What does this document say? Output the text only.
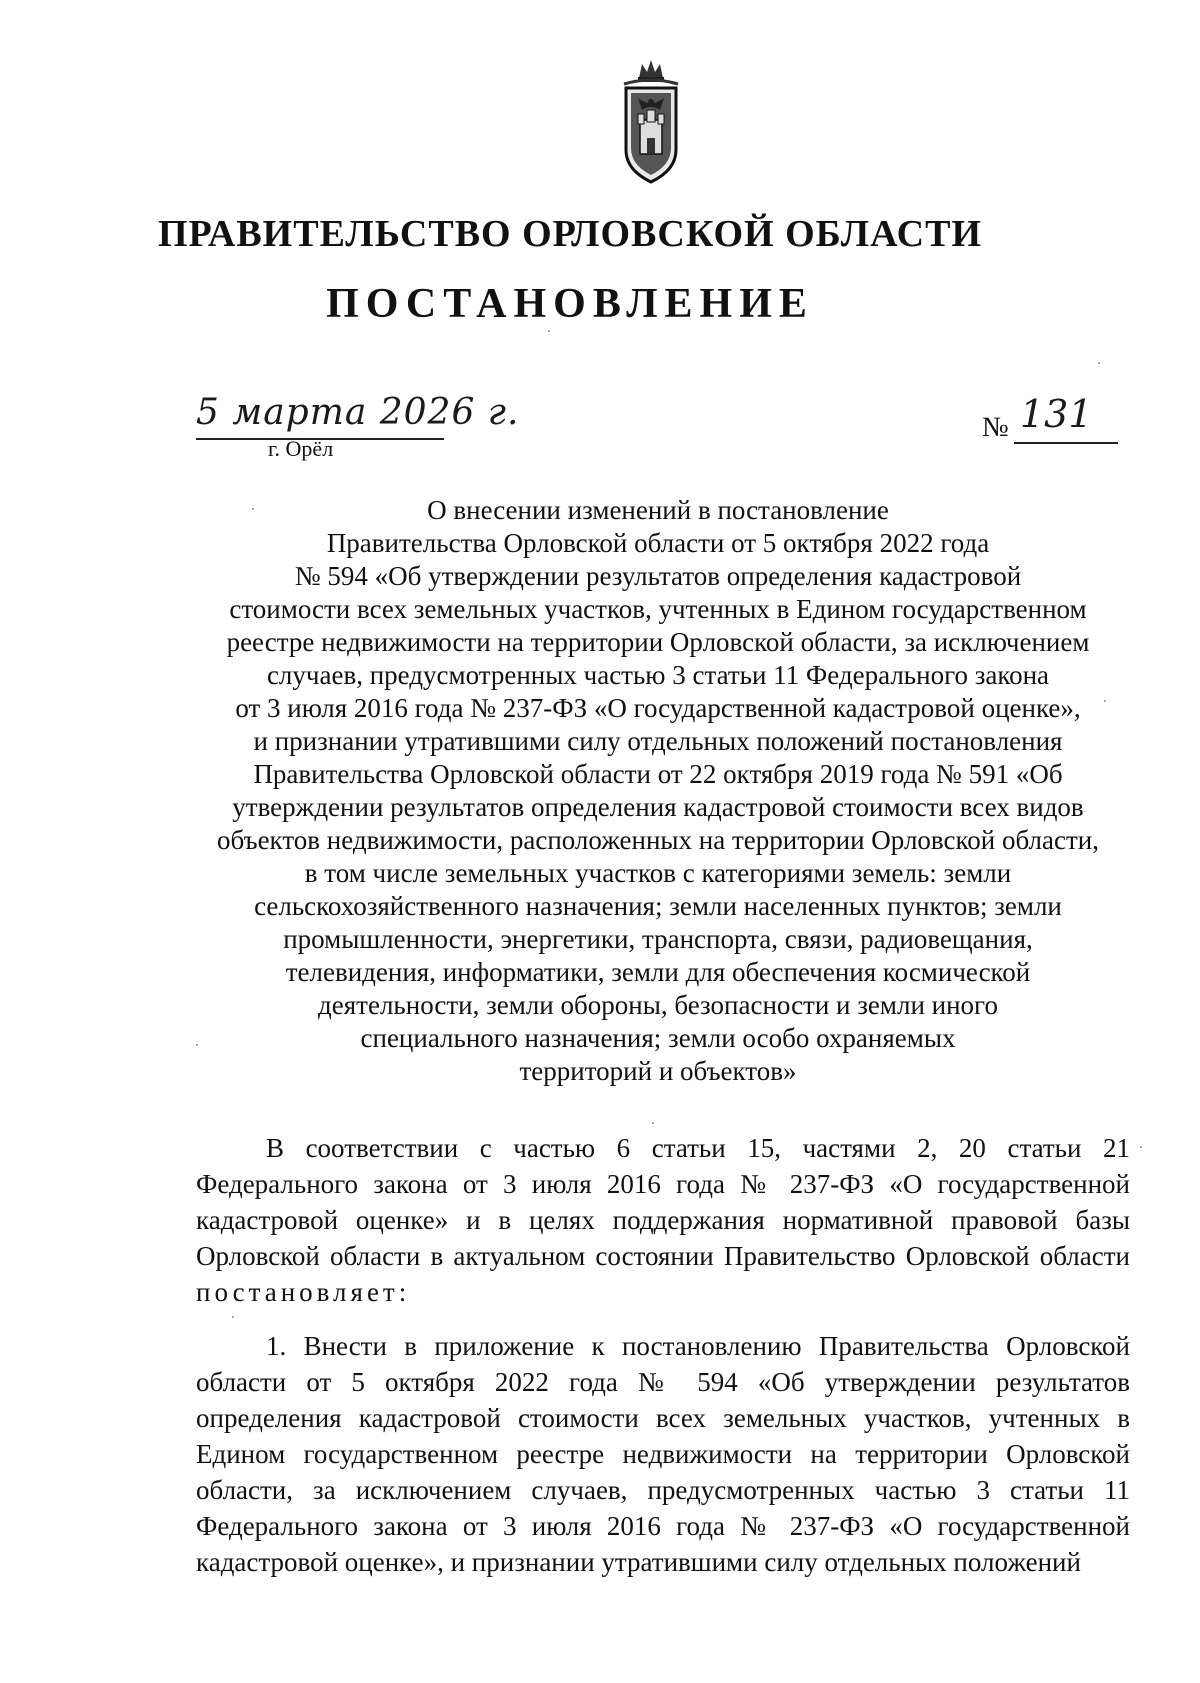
ПРАВИТЕЛЬСТВО ОРЛОВСКОЙ ОБЛАСТИ
ПОСТАНОВЛЕНИЕ
5 марта 2026 г.
г. Орёл
№ 131

О внесении изменений в постановление
Правительства Орловской области от 5 октября 2022 года
№ 594 «Об утверждении результатов определения кадастровой
стоимости всех земельных участков, учтенных в Едином государственном
реестре недвижимости на территории Орловской области, за исключением
случаев, предусмотренных частью 3 статьи 11 Федерального закона
от 3 июля 2016 года № 237-ФЗ «О государственной кадастровой оценке»,
и признании утратившими силу отдельных положений постановления
Правительства Орловской области от 22 октября 2019 года № 591 «Об
утверждении результатов определения кадастровой стоимости всех видов
объектов недвижимости, расположенных на территории Орловской области,
в том числе земельных участков с категориями земель: земли
сельскохозяйственного назначения; земли населенных пунктов; земли
промышленности, энергетики, транспорта, связи, радиовещания,
телевидения, информатики, земли для обеспечения космической
деятельности, земли обороны, безопасности и земли иного
специального назначения; земли особо охраняемых
территорий и объектов»

В соответствии с частью 6 статьи 15, частями 2, 20 статьи 21 Федерального закона от 3 июля 2016 года № 237-ФЗ «О государственной кадастровой оценке» и в целях поддержания нормативной правовой базы Орловской области в актуальном состоянии Правительство Орловской области постановляет:

1. Внести в приложение к постановлению Правительства Орловской области от 5 октября 2022 года № 594 «Об утверждении результатов определения кадастровой стоимости всех земельных участков, учтенных в Едином государственном реестре недвижимости на территории Орловской области, за исключением случаев, предусмотренных частью 3 статьи 11 Федерального закона от 3 июля 2016 года № 237-ФЗ «О государственной кадастровой оценке», и признании утратившими силу отдельных положений
